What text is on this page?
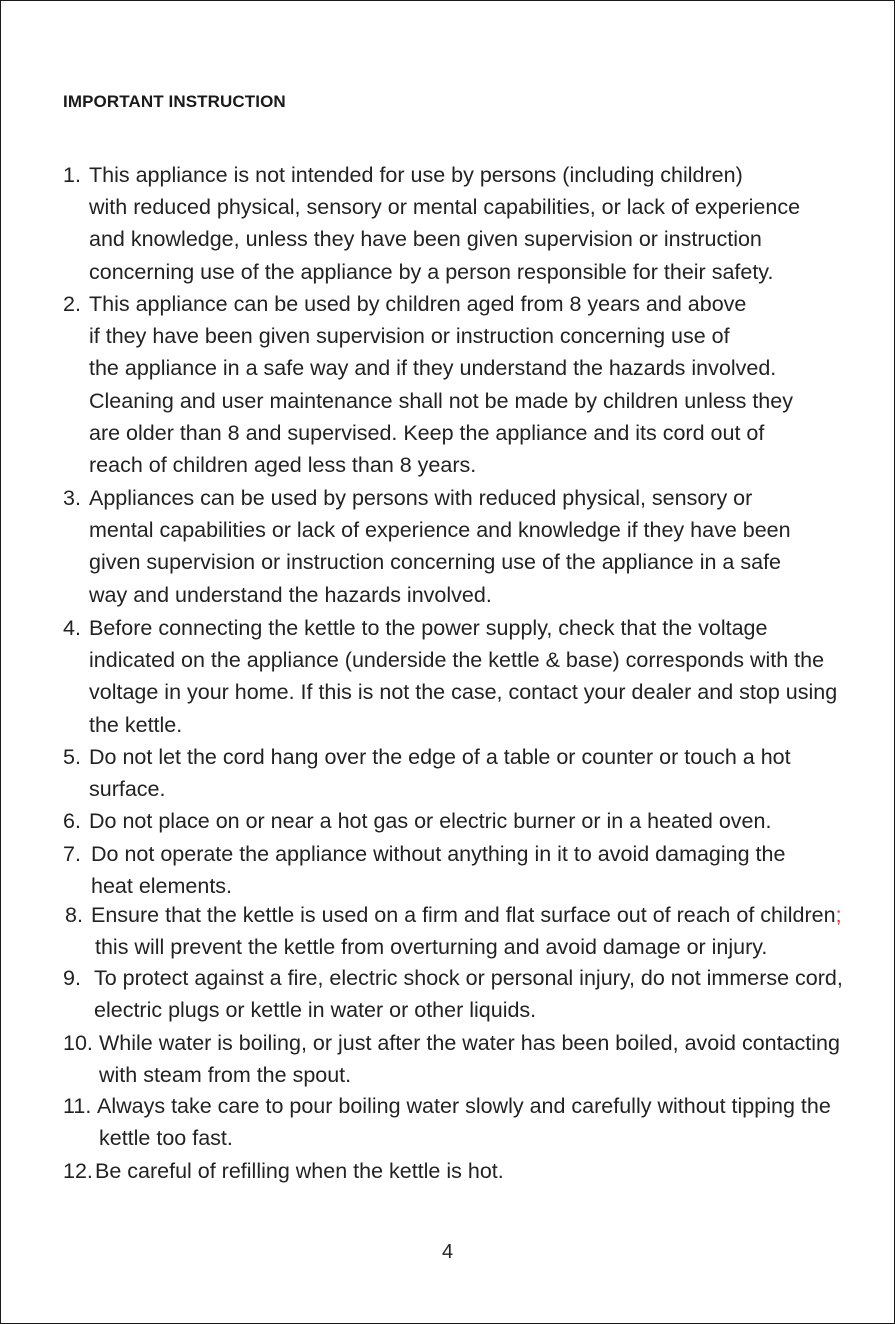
IMPORTANT INSTRUCTION
1. This appliance is not intended for use by persons (including children)
with reduced physical, sensory or mental capabilities, or lack of experience
and knowledge, unless they have been given supervision or instruction
concerning use of the appliance by a person responsible for their safety.
2. This appliance can be used by children aged from 8 years and above
if they have been given supervision or instruction concerning use of
the appliance in a safe way and if they understand the hazards involved.
Cleaning and user maintenance shall not be made by children unless they
are older than 8 and supervised. Keep the appliance and its cord out of
reach of children aged less than 8 years.
3. Appliances can be used by persons with reduced physical, sensory or
mental capabilities or lack of experience and knowledge if they have been
given supervision or instruction concerning use of the appliance in a safe
way and understand the hazards involved.
4. Before connecting the kettle to the power supply, check that the voltage
indicated on the appliance (underside the kettle & base) corresponds with the
voltage in your home. If this is not the case, contact your dealer and stop using
the kettle.
5. Do not let the cord hang over the edge of a table or counter or touch a hot
surface.
6. Do not place on or near a hot gas or electric burner or in a heated oven.
7. Do not operate the appliance without anything in it to avoid damaging the
heat elements.
8. Ensure that the kettle is used on a firm and flat surface out of reach of children;
this will prevent the kettle from overturning and avoid damage or injury.
9. To protect against a fire, electric shock or personal injury, do not immerse cord,
electric plugs or kettle in water or other liquids.
10. While water is boiling, or just after the water has been boiled, avoid contacting
with steam from the spout.
11. Always take care to pour boiling water slowly and carefully without tipping the
kettle too fast.
12. Be careful of refilling when the kettle is hot.
4
